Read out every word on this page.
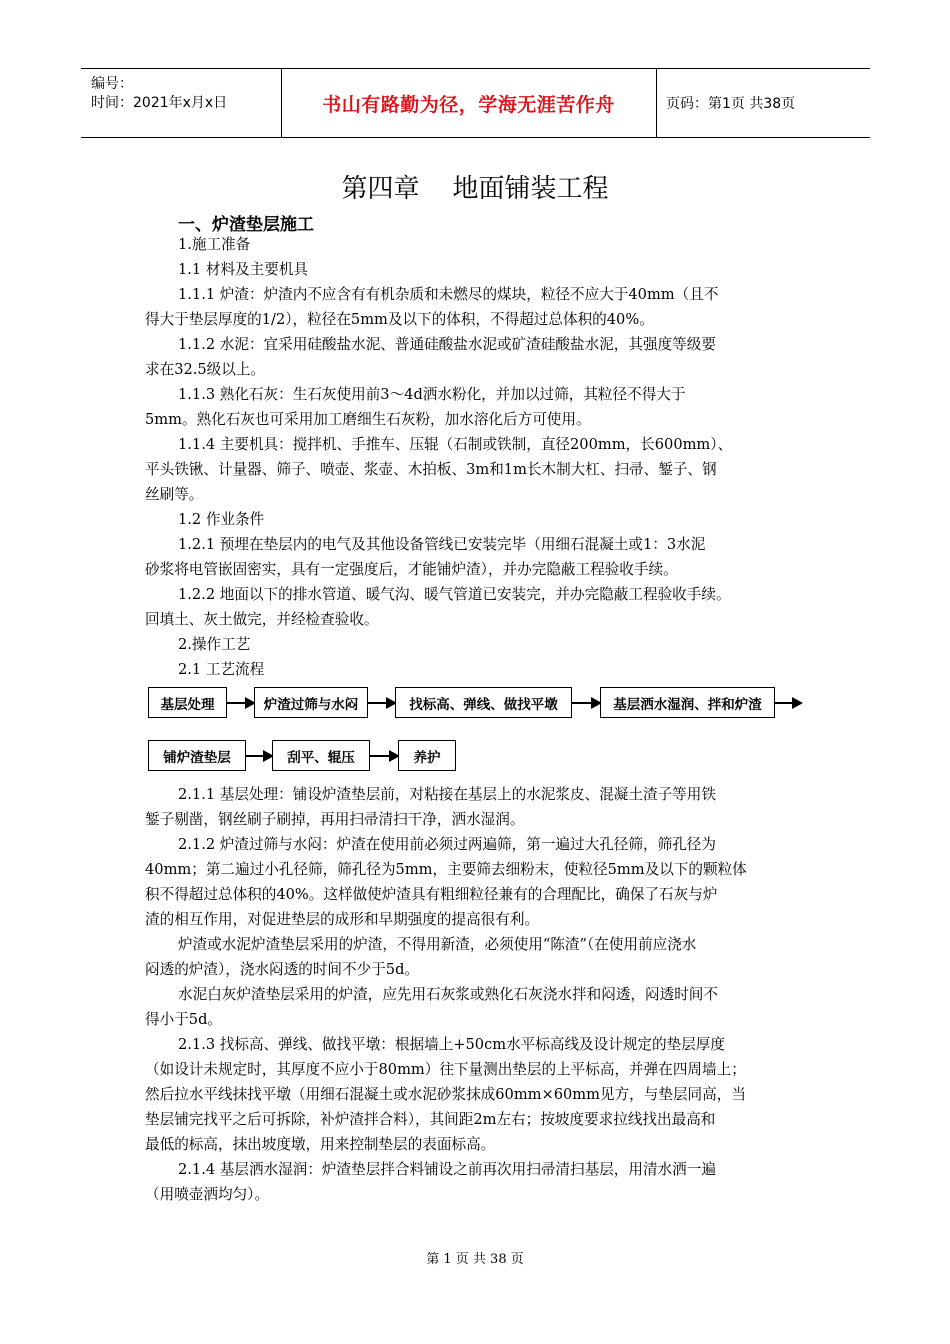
编号：
时间：2021年x月x日	书山有路勤为径，学海无涯苦作舟	页码：第1页 共38页
第四章    地面铺装工程
一、炉渣垫层施工
1.施工准备
1.1 材料及主要机具
1.1.1 炉渣：炉渣内不应含有有机杂质和未燃尽的煤块，粒径不应大于40mm（且不
得大于垫层厚度的1/2），粒径在5mm及以下的体积，不得超过总体积的40%。
1.1.2 水泥：宜采用硅酸盐水泥、普通硅酸盐水泥或矿渣硅酸盐水泥，其强度等级要
求在32.5级以上。
1.1.3 熟化石灰：生石灰使用前3～4d洒水粉化，并加以过筛，其粒径不得大于
5mm。熟化石灰也可采用加工磨细生石灰粉，加水溶化后方可使用。
1.1.4 主要机具：搅拌机、手推车、压辊（石制或铁制，直径200mm，长600mm）、
平头铁锹、计量器、筛子、喷壶、浆壶、木拍板、3m和1m长木制大杠、扫帚、錾子、钢
丝刷等。
1.2 作业条件
1.2.1 预埋在垫层内的电气及其他设备管线已安装完毕（用细石混凝土或1：3水泥
砂浆将电管嵌固密实，具有一定强度后，才能铺炉渣），并办完隐蔽工程验收手续。
1.2.2 地面以下的排水管道、暖气沟、暖气管道已安装完，并办完隐蔽工程验收手续。
回填土、灰土做完，并经检查验收。
2.操作工艺
2.1 工艺流程
基层处理	炉渣过筛与水闷	找标高、弹线、做找平墩	基层洒水湿润、拌和炉渣
铺炉渣垫层	刮平、辊压	养护
2.1.1 基层处理：铺设炉渣垫层前，对粘接在基层上的水泥浆皮、混凝土渣子等用铁
錾子剔凿，钢丝刷子刷掉，再用扫帚清扫干净，洒水湿润。
2.1.2 炉渣过筛与水闷：炉渣在使用前必须过两遍筛，第一遍过大孔径筛，筛孔径为
40mm；第二遍过小孔径筛，筛孔径为5mm，主要筛去细粉末，使粒径5mm及以下的颗粒体
积不得超过总体积的40%。这样做使炉渣具有粗细粒径兼有的合理配比，确保了石灰与炉
渣的相互作用，对促进垫层的成形和早期强度的提高很有利。
炉渣或水泥炉渣垫层采用的炉渣，不得用新渣，必须使用“陈渣”（在使用前应浇水
闷透的炉渣），浇水闷透的时间不少于5d。
水泥白灰炉渣垫层采用的炉渣，应先用石灰浆或熟化石灰浇水拌和闷透，闷透时间不
得小于5d。
2.1.3 找标高、弹线、做找平墩：根据墙上+50cm水平标高线及设计规定的垫层厚度
（如设计未规定时，其厚度不应小于80mm）往下量测出垫层的上平标高，并弹在四周墙上；
然后拉水平线抹找平墩（用细石混凝土或水泥砂浆抹成60mm×60mm见方，与垫层同高，当
垫层铺完找平之后可拆除，补炉渣拌合料），其间距2m左右；按坡度要求拉线找出最高和
最低的标高，抹出坡度墩，用来控制垫层的表面标高。
2.1.4 基层洒水湿润：炉渣垫层拌合料铺设之前再次用扫帚清扫基层，用清水洒一遍
（用喷壶洒均匀）。
第 1 页 共 38 页
